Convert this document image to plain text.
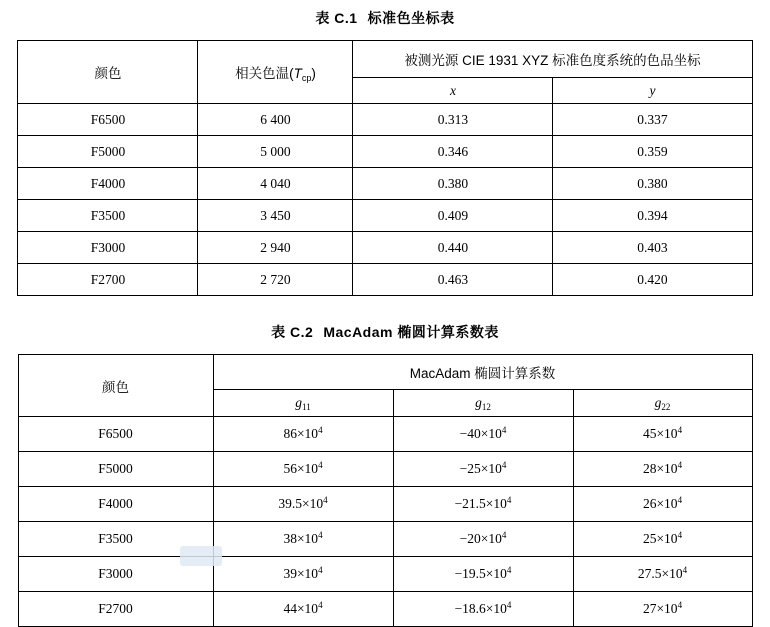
表 C.1 标准色坐标表
颜色	相关色温$(T_{cp})$	被测光源 CIE 1931 XYZ 标准色度系统的色品坐标	
		x	y
F6500	6 400	0.313	0.337
F5000	5 000	0.346	0.359
F4000	4 040	0.380	0.380
F3500	3 450	0.409	0.394
F3000	2 940	0.440	0.403
F2700	2 720	0.463	0.420
表 C.2 MacAdam 椭圆计算系数表
颜色	MacAdam 椭圆计算系数		
	$g_{11}$	$g_{12}$	$g_{22}$
F6500	$86\times 10^4$	$-40\times 10^4$	$45\times 10^4$
F5000	$56\times 10^4$	$-25\times 10^4$	$28\times 10^4$
F4000	$39.5\times 10^4$	$-21.5\times 10^4$	$26\times 10^4$
F3500	$38\times 10^4$	$-20\times 10^4$	$25\times 10^4$
F3000	$39\times 10^4$	$-19.5\times 10^4$	$27.5\times 10^4$
F2700	$44\times 10^4$	$-18.6\times 10^4$	$27\times 10^4$
